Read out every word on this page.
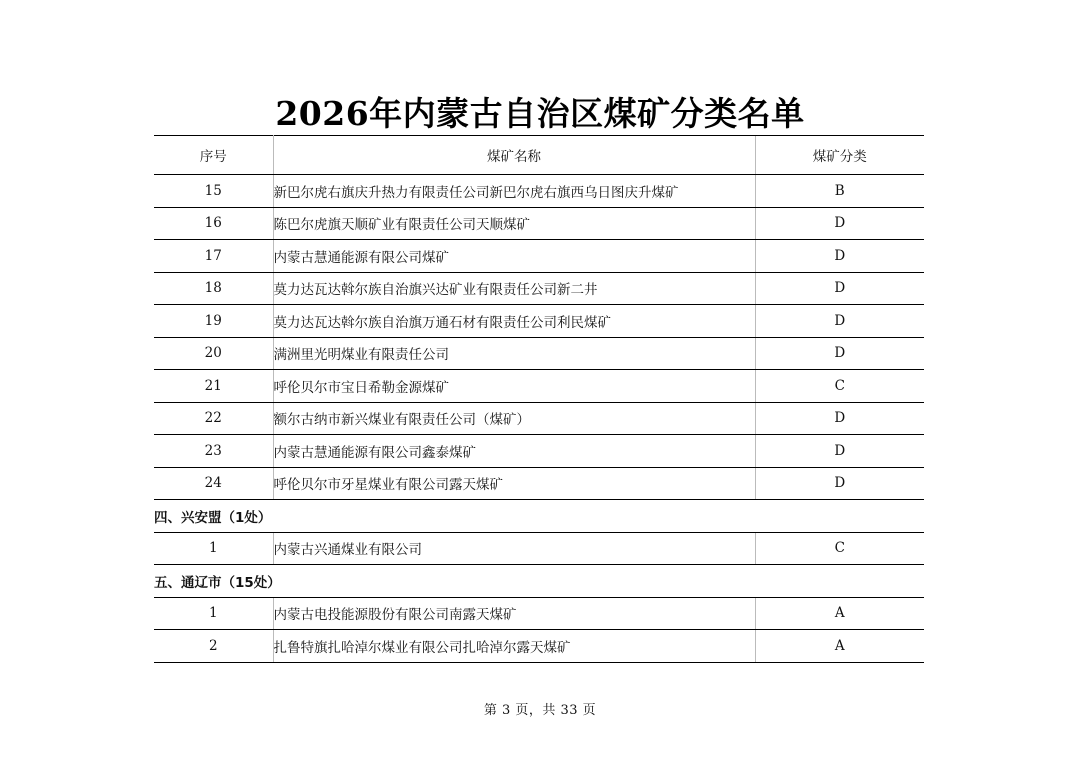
2026年内蒙古自治区煤矿分类名单
序号	煤矿名称	煤矿分类
15	新巴尔虎右旗庆升热力有限责任公司新巴尔虎右旗西乌日图庆升煤矿	B
16	陈巴尔虎旗天顺矿业有限责任公司天顺煤矿	D
17	内蒙古慧通能源有限公司煤矿	D
18	莫力达瓦达斡尔族自治旗兴达矿业有限责任公司新二井	D
19	莫力达瓦达斡尔族自治旗万通石材有限责任公司利民煤矿	D
20	满洲里光明煤业有限责任公司	D
21	呼伦贝尔市宝日希勒金源煤矿	C
22	额尔古纳市新兴煤业有限责任公司（煤矿）	D
23	内蒙古慧通能源有限公司鑫泰煤矿	D
24	呼伦贝尔市牙星煤业有限公司露天煤矿	D
四、兴安盟（1处）		
1	内蒙古兴通煤业有限公司	C
五、通辽市（15处）		
1	内蒙古电投能源股份有限公司南露天煤矿	A
2	扎鲁特旗扎哈淖尔煤业有限公司扎哈淖尔露天煤矿	A
第 3 页，共 33 页
